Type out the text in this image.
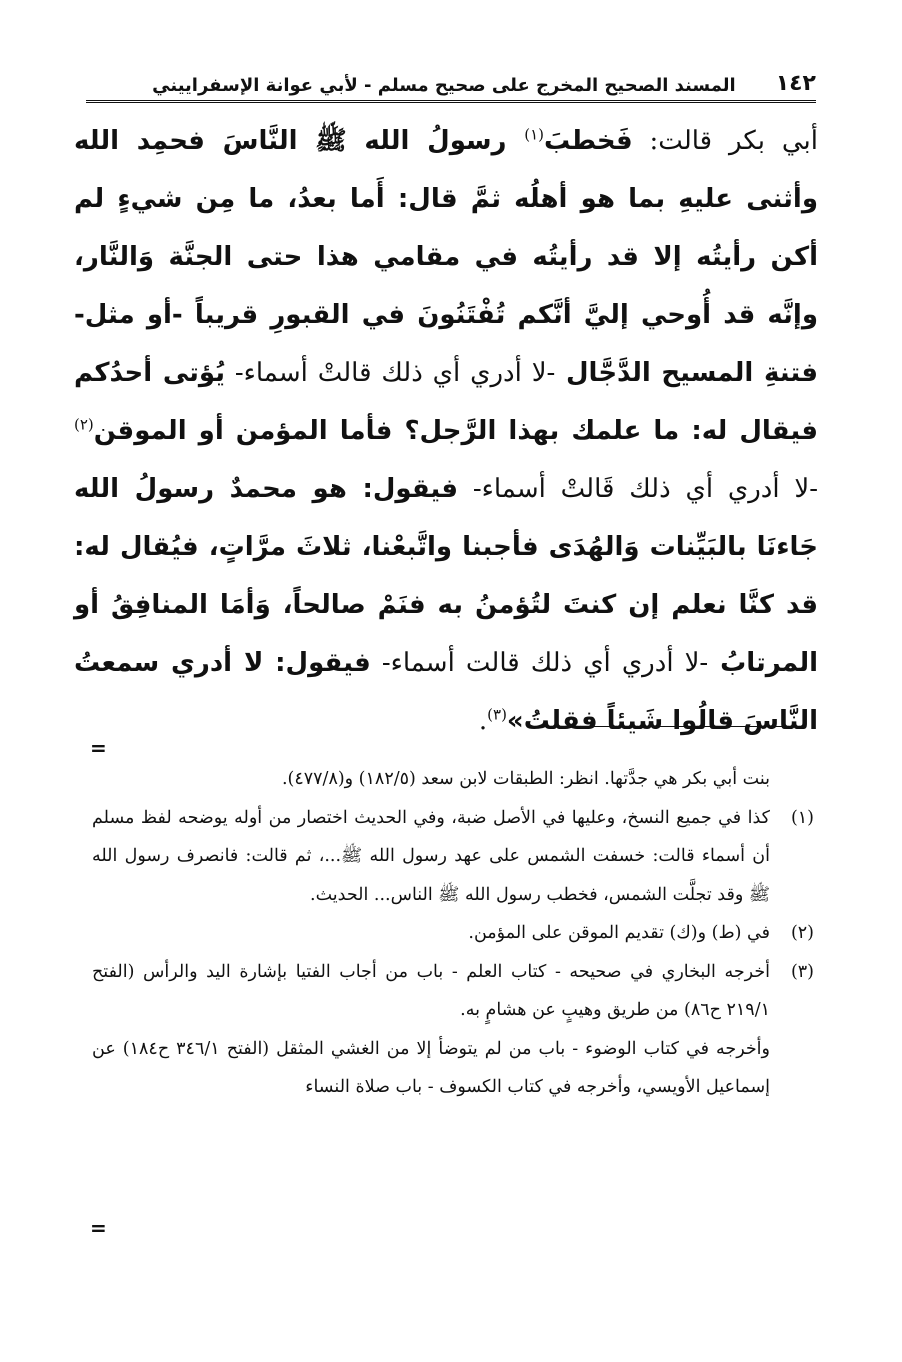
١٤٢
المسند الصحيح المخرج على صحيح مسلم - لأبي عوانة الإسفراييني

أبي بكر قالت: فَخطبَ$^{(١)}$ رسولُ الله ﷺ النَّاسَ فحمِد الله وأثنى عليهِ بما هو أهلُه ثمَّ قال: أَما بعدُ، ما مِن شيءٍ لم أكن رأيتُه إلا قد رأيتُه في مقامي هذا حتى الجنَّة وَالنَّار، وإنَّه قد أُوحي إليَّ أنَّكم تُفْتَنُونَ في القبورِ قريباً -أو مثل- فتنةِ المسيح الدَّجَّال -لا أدري أي ذلك قالتْ أسماء- يُؤتى أحدُكم فيقال له: ما علمك بهذا الرَّجل؟ فأما المؤمن أو الموقن$^{(٢)}$ -لا أدري أي ذلك قَالتْ أسماء- فيقول: هو محمدٌ رسولُ الله جَاءنَا بالبَيِّنات وَالهُدَى فأجبنا واتَّبعْنا، ثلاثَ مرَّاتٍ، فيُقال له: قد كنَّا نعلم إن كنتَ لتُؤمنُ به فنَمْ صالحاً، وَأمَا المنافِقُ أو المرتابُ -لا أدري أي ذلك قالت أسماء- فيقول: لا أدري سمعتُ النَّاسَ قالُوا شَيئاً فقلتُ»$^{(٣)}$.

=

بنت أبي بكر هي جدَّتها. انظر: الطبقات لابن سعد (١٨٢/٥) و(٤٧٧/٨).

(١)كذا في جميع النسخ، وعليها في الأصل ضبة، وفي الحديث اختصار من أوله يوضحه لفظ مسلم أن أسماء قالت: خسفت الشمس على عهد رسول الله ﷺ...، ثم قالت: فانصرف رسول الله ﷺ وقد تجلَّت الشمس، فخطب رسول الله ﷺ الناس... الحديث.

(٢)في (ط) و(ك) تقديم الموقن على المؤمن.

(٣)أخرجه البخاري في صحيحه - كتاب العلم - باب من أجاب الفتيا بإشارة اليد والرأس (الفتح ٢١٩/١ ح٨٦) من طريق وهيبٍ عن هشامٍ به.

وأخرجه في كتاب الوضوء - باب من لم يتوضأ إلا من الغشي المثقل (الفتح ٣٤٦/١ ح١٨٤) عن إسماعيل الأويسي، وأخرجه في كتاب الكسوف - باب صلاة النساء

=
